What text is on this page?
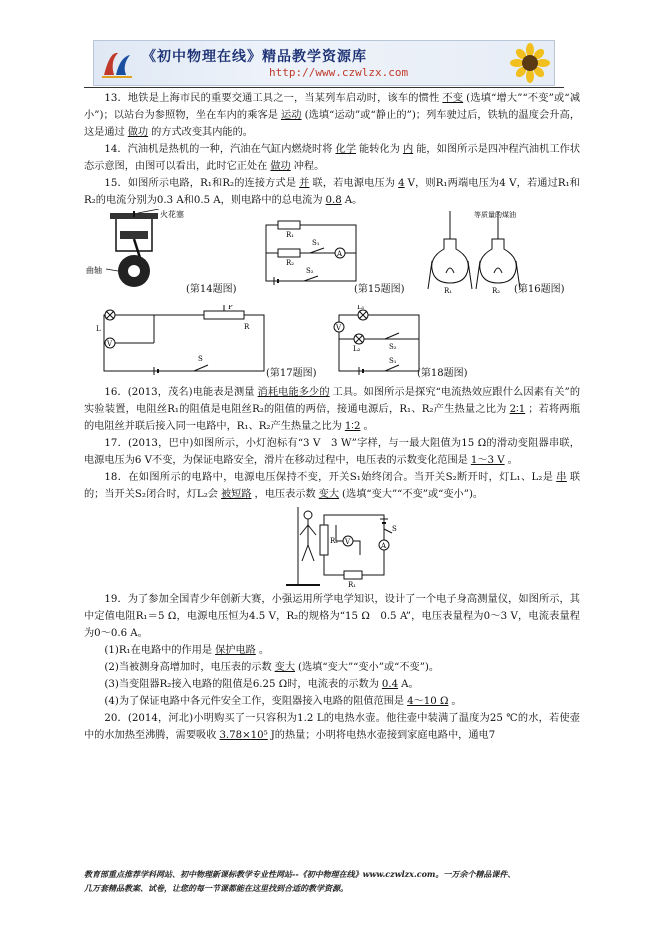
《初中物理在线》精品教学资源库
http://www.czwlzx.com

13．地铁是上海市民的重要交通工具之一，当某列车启动时，该车的惯性 不变 (选填“增大”“不变”或“减小”)；以站台为参照物，坐在车内的乘客是 运动 (选填“运动”或“静止的”)；列车驶过后，铁轨的温度会升高，这是通过 做功 的方式改变其内能的。

14．汽油机是热机的一种，汽油在气缸内燃烧时将 化学 能转化为 内 能，如图所示是四冲程汽油机工作状态示意图，由图可以看出，此时它正处在 做功 冲程。

15．如图所示电路，R₁和R₂的连接方式是 并 联，若电源电压为 4 V，则R₁两端电压为4 V，若通过R₁和R₂的电流分别为0.3 A和0.5 A，则电路中的总电流为 0.8 A。

火花塞
曲轴
(第14题图)
R₁
R₂
S₁
A
S₂
(第15题图)
等质量的煤油
R₁	R₂ (第16题图)
L
V
P
R
S
(第17题图)
L₁
L₂
V
S₂
S₁
(第18题图)

16．(2013，茂名)电能表是测量 消耗电能多少的 工具。如图所示是探究“电流热效应跟什么因素有关”的实验装置，电阻丝R₁的阻值是电阻丝R₂的阻值的两倍，接通电源后，R₁、R₂产生热量之比为 2∶1 ；若将两瓶的电阻丝并联后接入同一电路中，R₁、R₂产生热量之比为 1∶2 。

17．(2013，巴中)如图所示，小灯泡标有“3 V　3 W”字样，与一最大阻值为15 Ω的滑动变阻器串联，电源电压为6 V不变，为保证电路安全，滑片在移动过程中，电压表的示数变化范围是 1～3 V 。

18．在如图所示的电路中，电源电压保持不变，开关S₁始终闭合。当开关S₂断开时，灯L₁、L₂是 串 联的；当开关S₂闭合时，灯L₂会 被短路 ，电压表示数 变大 (选填“变大”“不变”或“变小”)。

R₂ V
R₁
A
S

19．为了参加全国青少年创新大赛，小强运用所学电学知识，设计了一个电子身高测量仪，如图所示，其中定值电阻R₁＝5 Ω，电源电压恒为4.5 V，R₂的规格为“15 Ω　0.5 A”，电压表量程为0～3 V，电流表量程为0～0.6 A。

(1)R₁在电路中的作用是 保护电路 。

(2)当被测身高增加时，电压表的示数 变大 (选填“变大”“变小”或“不变”)。

(3)当变阻器R₂接入电路的阻值是6.25 Ω时，电流表的示数为 0.4 A。

(4)为了保证电路中各元件安全工作，变阻器接入电路的阻值范围是 4～10 Ω 。

20．(2014，河北)小明购买了一只容积为1.2 L的电热水壶。他往壶中装满了温度为25 ℃的水，若使壶中的水加热至沸腾，需要吸收 3.78×10⁵ J的热量；小明将电热水壶接到家庭电路中，通电7

教育部重点推荐学科网站、初中物理新课标教学专业性网站--《初中物理在线》www.czwlzx.com。一万余个精品课件、
几万套精品教案、试卷，让您的每一节课都能在这里找到合适的教学资源。
